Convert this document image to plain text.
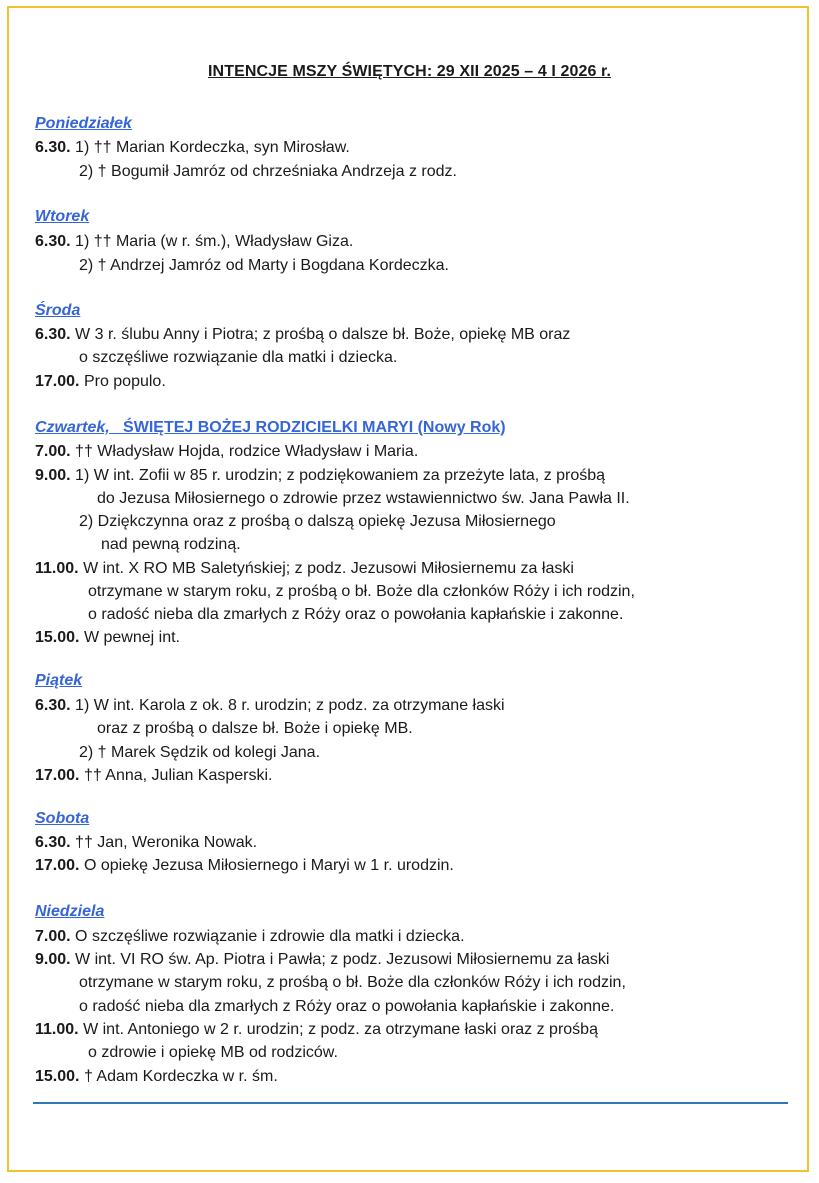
INTENCJE MSZY ŚWIĘTYCH: 29 XII 2025 – 4 I 2026 r.
Poniedziałek
6.30. 1) †† Marian Kordeczka, syn Mirosław.
2) † Bogumił Jamróz od chrześniaka Andrzeja z rodz.
Wtorek
6.30. 1) †† Maria (w r. śm.), Władysław Giza.
2) † Andrzej Jamróz od Marty i Bogdana Kordeczka.
Środa
6.30. W 3 r. ślubu Anny i Piotra; z prośbą o dalsze bł. Boże, opiekę MB oraz
o szczęśliwe rozwiązanie dla matki i dziecka.
17.00. Pro populo.
Czwartek, ŚWIĘTEJ BOŻEJ RODZICIELKI MARYI (Nowy Rok)
7.00. †† Władysław Hojda, rodzice Władysław i Maria.
9.00. 1) W int. Zofii w 85 r. urodzin; z podziękowaniem za przeżyte lata, z prośbą
do Jezusa Miłosiernego o zdrowie przez wstawiennictwo św. Jana Pawła II.
2) Dziękczynna oraz z prośbą o dalszą opiekę Jezusa Miłosiernego
nad pewną rodziną.
11.00. W int. X RO MB Saletyńskiej; z podz. Jezusowi Miłosiernemu za łaski
otrzymane w starym roku, z prośbą o bł. Boże dla członków Róży i ich rodzin,
o radość nieba dla zmarłych z Róży oraz o powołania kapłańskie i zakonne.
15.00. W pewnej int.
Piątek
6.30. 1) W int. Karola z ok. 8 r. urodzin; z podz. za otrzymane łaski
oraz z prośbą o dalsze bł. Boże i opiekę MB.
2) † Marek Sędzik od kolegi Jana.
17.00. †† Anna, Julian Kasperski.
Sobota
6.30. †† Jan, Weronika Nowak.
17.00. O opiekę Jezusa Miłosiernego i Maryi w 1 r. urodzin.
Niedziela
7.00. O szczęśliwe rozwiązanie i zdrowie dla matki i dziecka.
9.00. W int. VI RO św. Ap. Piotra i Pawła; z podz. Jezusowi Miłosiernemu za łaski
otrzymane w starym roku, z prośbą o bł. Boże dla członków Róży i ich rodzin,
o radość nieba dla zmarłych z Róży oraz o powołania kapłańskie i zakonne.
11.00. W int. Antoniego w 2 r. urodzin; z podz. za otrzymane łaski oraz z prośbą
o zdrowie i opiekę MB od rodziców.
15.00. † Adam Kordeczka w r. śm.
